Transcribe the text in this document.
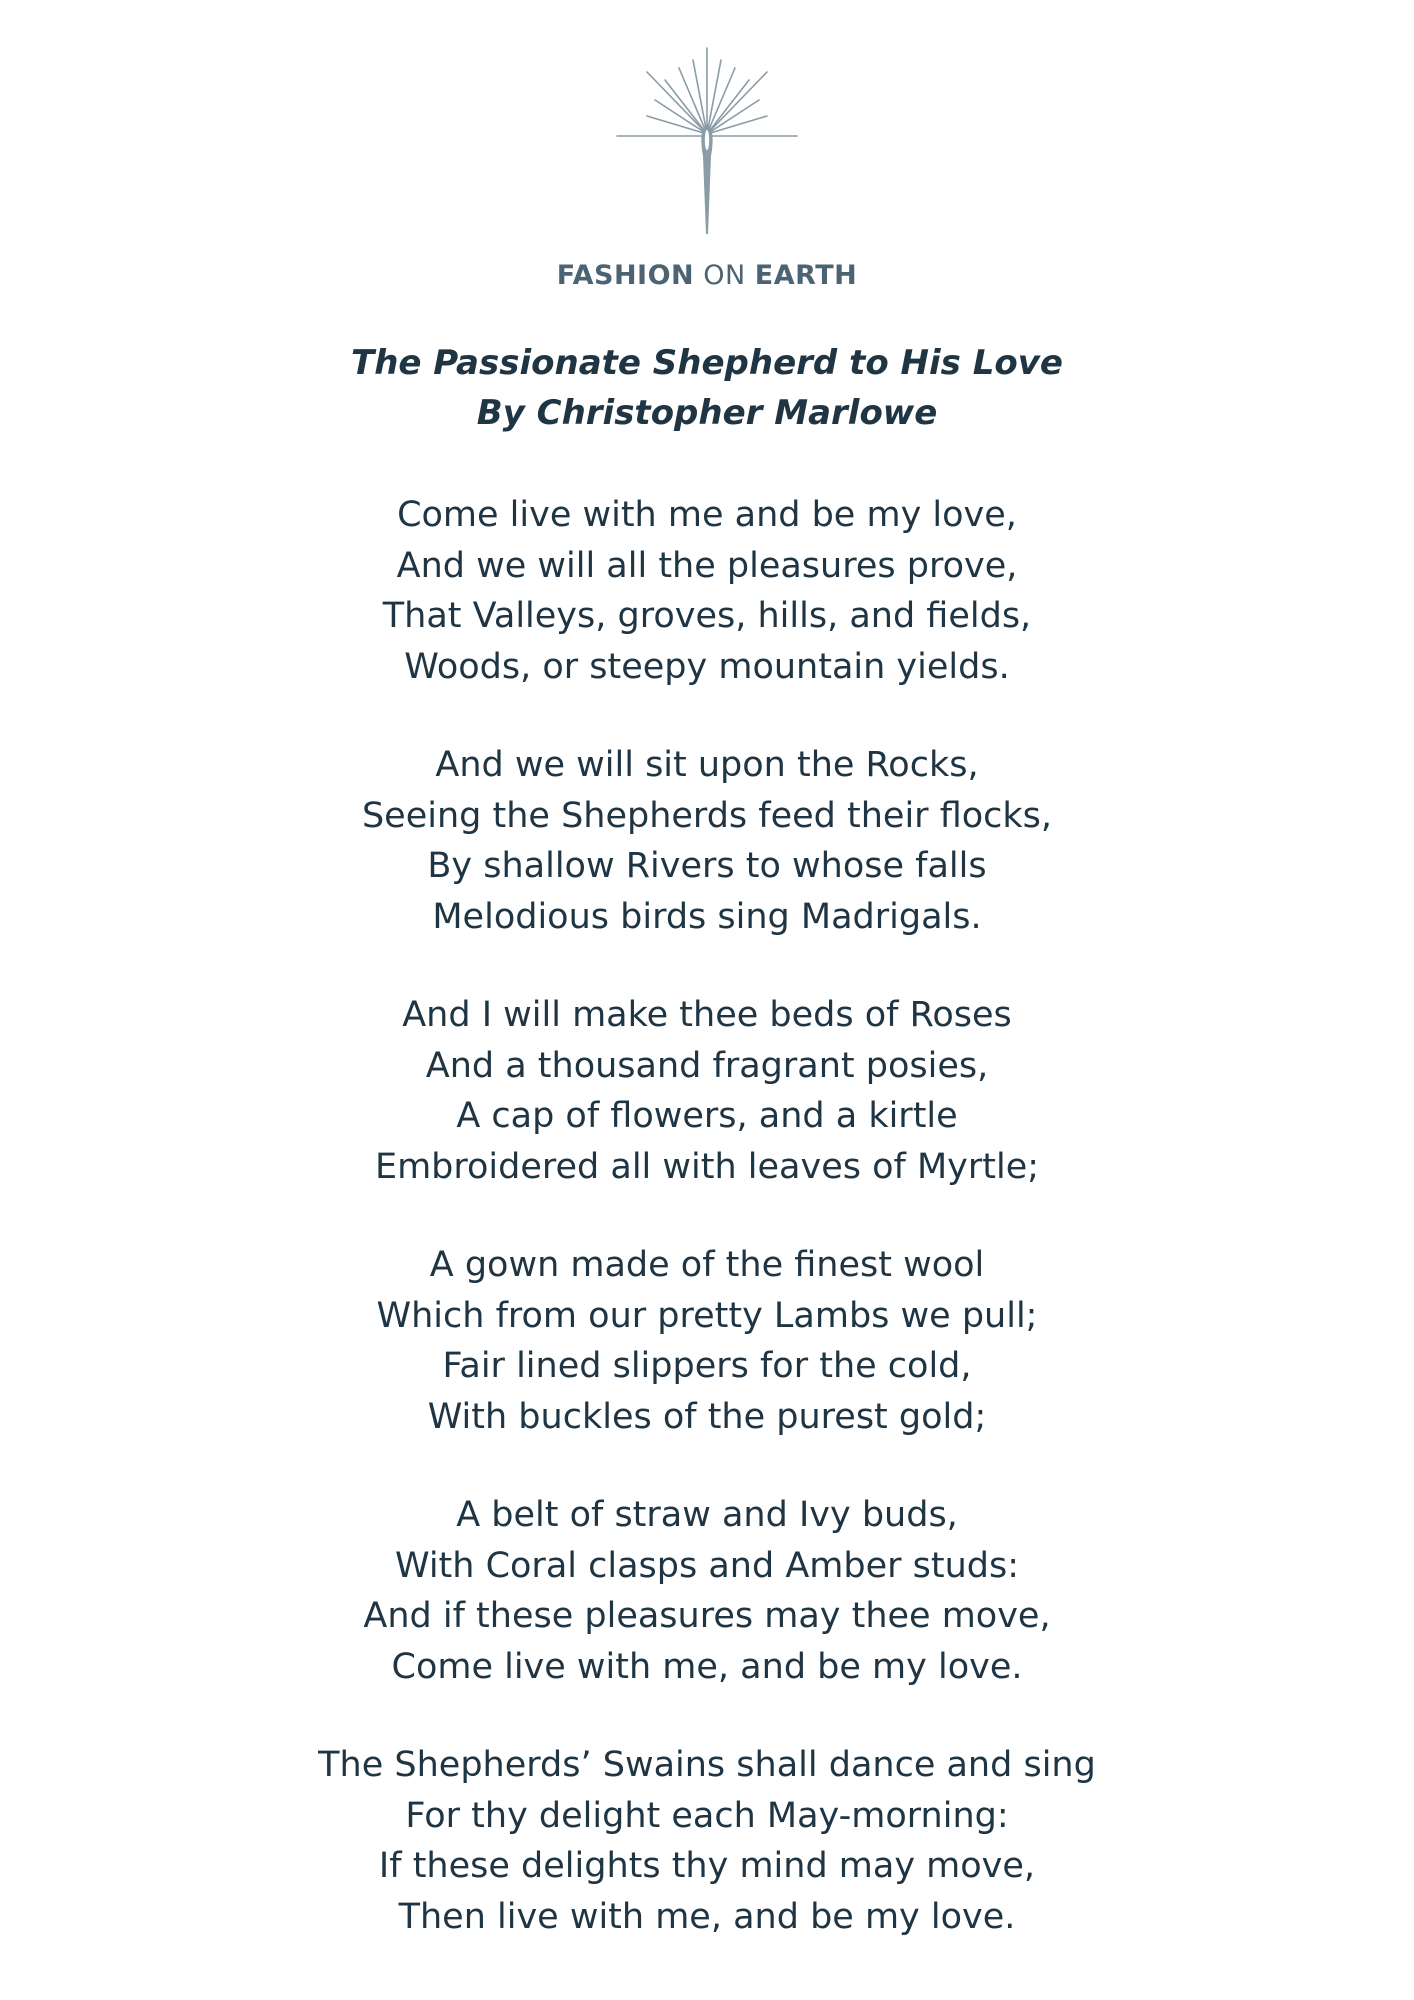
FASHION ON EARTH
The Passionate Shepherd to His Love
By Christopher Marlowe
Come live with me and be my love,
And we will all the pleasures prove,
That Valleys, groves, hills, and fields,
Woods, or steepy mountain yields.
And we will sit upon the Rocks,
Seeing the Shepherds feed their flocks,
By shallow Rivers to whose falls
Melodious birds sing Madrigals.
And I will make thee beds of Roses
And a thousand fragrant posies,
A cap of flowers, and a kirtle
Embroidered all with leaves of Myrtle;
A gown made of the finest wool
Which from our pretty Lambs we pull;
Fair lined slippers for the cold,
With buckles of the purest gold;
A belt of straw and Ivy buds,
With Coral clasps and Amber studs:
And if these pleasures may thee move,
Come live with me, and be my love.
The Shepherds’ Swains shall dance and sing
For thy delight each May-morning:
If these delights thy mind may move,
Then live with me, and be my love.
